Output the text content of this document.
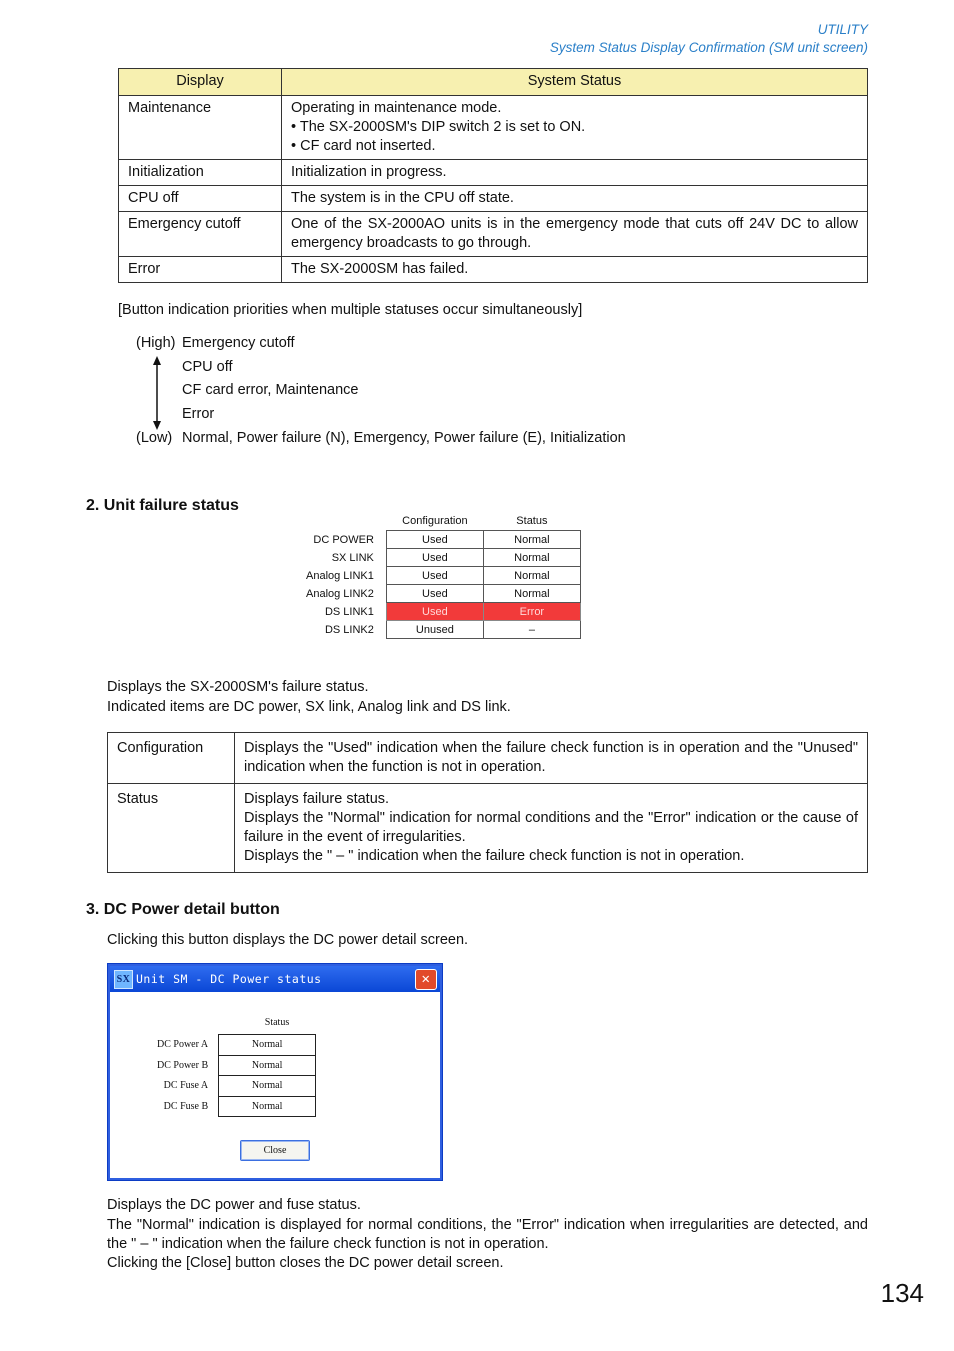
UTILITY
System Status Display Confirmation (SM unit screen)
Display	System Status
Maintenance	Operating in maintenance mode.
• The SX-2000SM's DIP switch 2 is set to ON.
• CF card not inserted.

Initialization	Initialization in progress.

CPU off	The system is in the CPU off state.

Emergency cutoff	One of the SX-2000AO units is in the emergency mode that cuts off 24V DC to allow emergency broadcasts to go through.

Error	The SX-2000SM has failed.
[Button indication priorities when multiple statuses occur simultaneously]
(High) Emergency cutoff
CPU off
CF card error, Maintenance
Error
(Low) Normal, Power failure (N), Emergency, Power failure (E), Initialization
2. Unit failure status
	Configuration	Status
DC POWER	Used	Normal
SX LINK	Used	Normal
Analog LINK1	Used	Normal
Analog LINK2	Used	Normal
DS LINK1	Used	Error
DS LINK2	Unused	–
Displays the SX-2000SM's failure status.
Indicated items are DC power, SX link, Analog link and DS link.
Configuration	Displays the "Used" indication when the failure check function is in operation and the "Unused" indication when the function is not in operation.

Status	Displays failure status.
Displays the "Normal" indication for normal conditions and the "Error" indication or the cause of failure in the event of irregularities.
Displays the " – " indication when the failure check function is not in operation.
3. DC Power detail button
Clicking this button displays the DC power detail screen.
SX Unit SM - DC Power status	✕
Status
DC Power A	Normal
DC Power B	Normal
DC Fuse A	Normal
DC Fuse B	Normal
Close
Displays the DC power and fuse status.
The "Normal" indication is displayed for normal conditions, the "Error" indication when irregularities are detected, and the " – " indication when the failure check function is not in operation.
Clicking the [Close] button closes the DC power detail screen.
134
